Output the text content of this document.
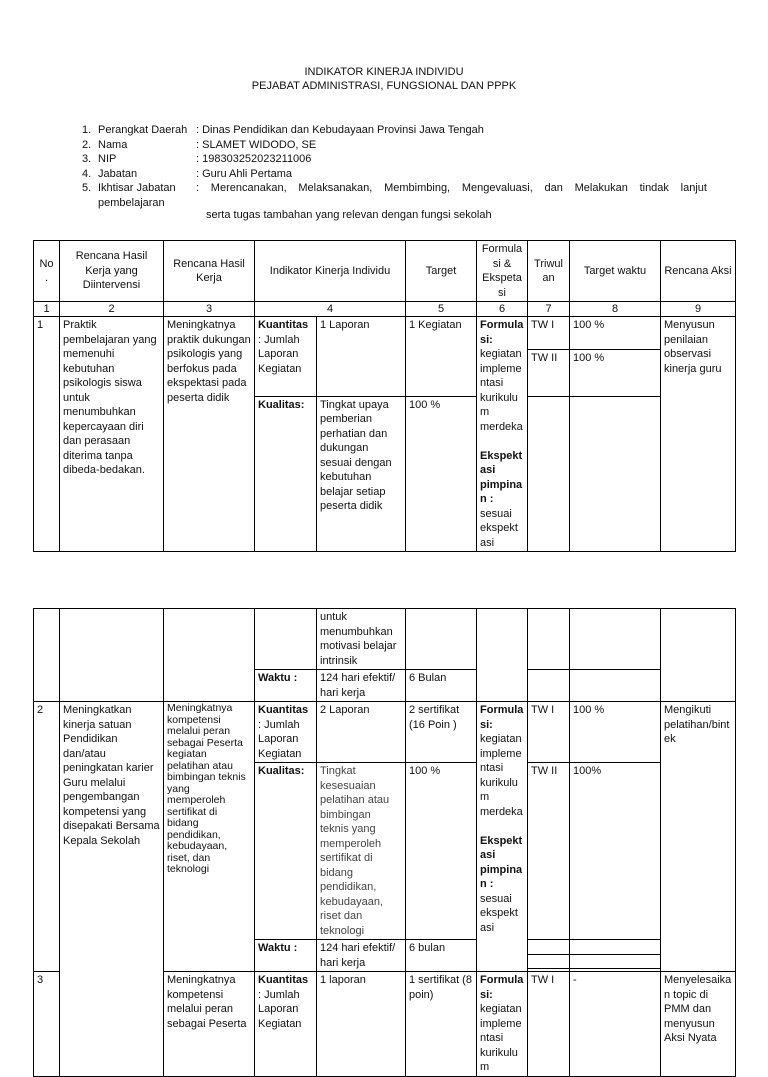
INDIKATOR KINERJA INDIVIDU
PEJABAT ADMINISTRASI, FUNGSIONAL DAN PPPK
1. Perangkat Daerah : Dinas Pendidikan dan Kebudayaan Provinsi Jawa Tengah
2. Nama	: SLAMET WIDODO, SE
3. NIP	: 198303252023211006
4. Jabatan	: Guru Ahli Pertama
5. Ikhtisar Jabatan	: Merencanakan, Melaksanakan, Membimbing, Mengevaluasi, dan Melakukan tindak lanjut
pembelajaran
serta tugas tambahan yang relevan dengan fungsi sekolah
No .	Rencana Hasil Kerja yang Diintervensi	Rencana Hasil Kerja	Indikator Kinerja Individu		Target	Formulasi & Ekspetasi	Triwulan	Target waktu	Rencana Aksi
1	2	3	4		5	6	7	8	9
1	Praktik pembelajaran yang memenuhi kebutuhan psikologis siswa untuk menumbuhkan kepercayaan diri dan perasaan diterima tanpa dibeda-bedakan.	Meningkatnya praktik dukungan psikologis yang berfokus pada ekspektasi pada peserta didik	Kuantitas
: Jumlah Laporan Kegiatan	1 Laporan	1 Kegiatan	Formulasi:
kegiatan implementasi kurikulum merdeka

Ekspektasi pimpinan :
sesuai ekspektasi	TW I	100 %	Menyusun penilaian observasi kinerja guru
							TW II	100 %	
			Kualitas:	Tingkat upaya pemberian perhatian dan dukungan sesuai dengan kebutuhan belajar setiap peserta didik	100 %				
				untuk menumbuhkan motivasi belajar intrinsik					
			Waktu :	124 hari efektif/ hari kerja	6 Bulan				
2	Meningkatkan kinerja satuan Pendidikan dan/atau peningkatan karier Guru melalui pengembangan kompetensi yang disepakati Bersama Kepala Sekolah	Meningkatnya kompetensi melalui peran sebagai Peserta kegiatan pelatihan atau bimbingan teknis yang memperoleh sertifikat di bidang pendidikan, kebudayaan, riset, dan teknologi	Kuantitas
: Jumlah Laporan Kegiatan	2 Laporan	2 sertifikat (16 Poin )	Formulasi:
kegiatan implementasi kurikulum merdeka

Ekspektasi pimpinan :
sesuai ekspektasi	TW I	100 %	Mengikuti pelatihan/bintek
			Kualitas:	Tingkat kesesuaian pelatihan atau bimbingan teknis yang memperoleh sertifikat di bidang pendidikan, kebudayaan, riset dan teknologi	100 %		TW II	100%	
			Waktu :	124 hari efektif/ hari kerja	6 bulan				

3		Meningkatnya kompetensi melalui peran sebagai Peserta	Kuantitas
: Jumlah Laporan Kegiatan	1 laporan	1 sertifikat (8 poin)	Formulasi:
kegiatan implementasi kurikulum	TW I	-	Menyelesaikan topic di PMM dan menyusun Aksi Nyata
